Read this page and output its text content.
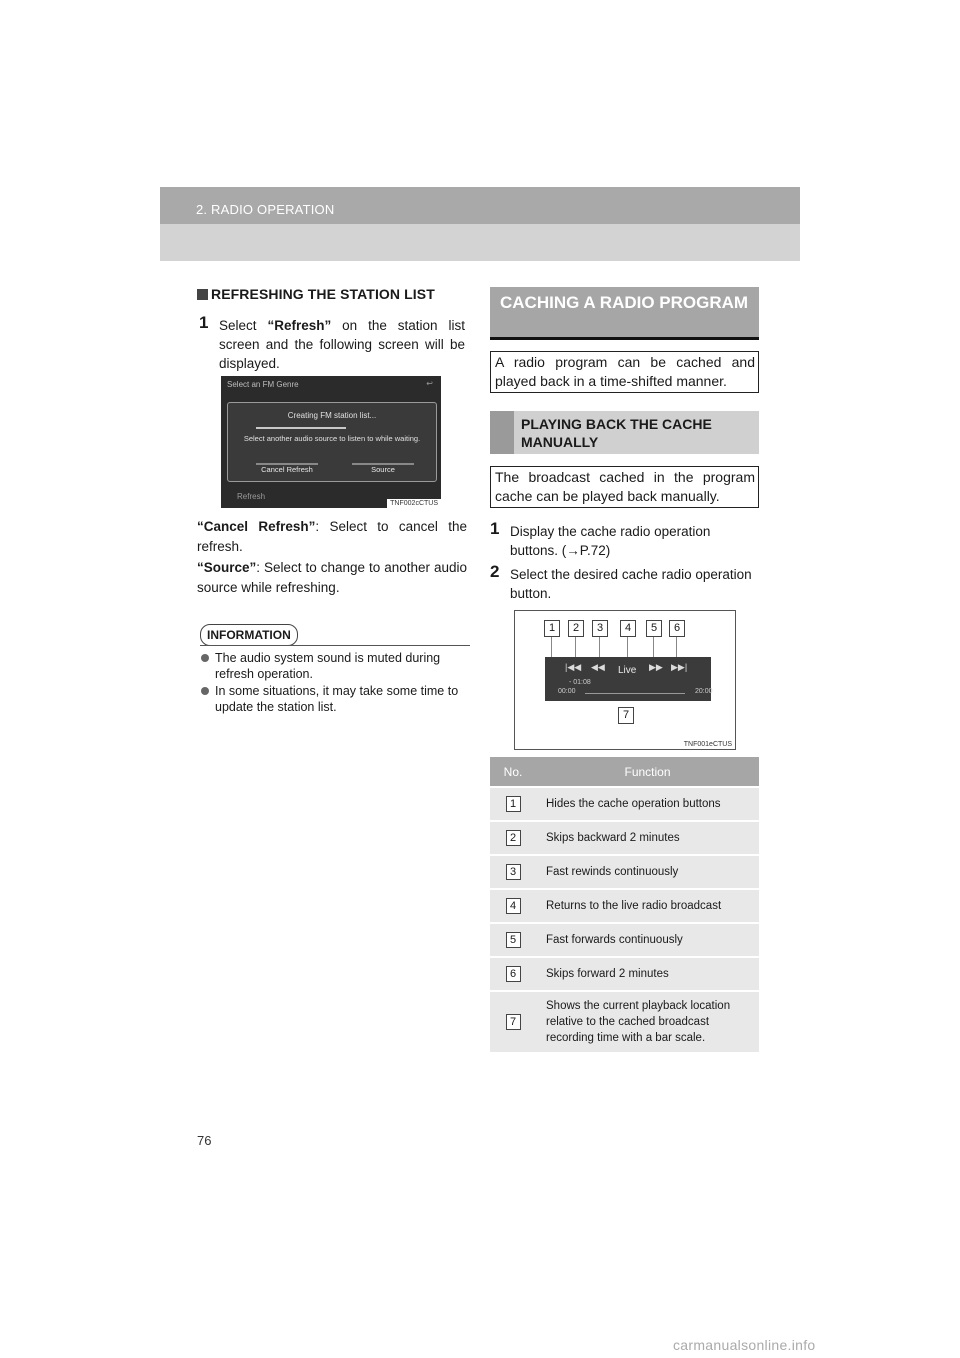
2. RADIO OPERATION
REFRESHING THE STATION LIST
1 Select “Refresh” on the station list screen and the following screen will be displayed.
Select an FM Genre	↩
Creating FM station list...
Select another audio source to listen to while waiting.
Cancel Refresh	Source
Refresh
TNF002cCTUS
“Cancel Refresh”: Select to cancel the refresh.
“Source”: Select to change to another audio source while refreshing.
INFORMATION
The audio system sound is muted during refresh operation.
In some situations, it may take some time to update the station list.
CACHING A RADIO PROGRAM
A radio program can be cached and played back in a time-shifted manner.
PLAYING BACK THE CACHE MANUALLY
The broadcast cached in the program cache can be played back manually.
1 Display the cache radio operation buttons. (→P.72)
2 Select the desired cache radio operation button.
1	2	3	4	5	6
|◀◀ ◀◀ Live ▶▶ ▶▶|
- 01:08
00:00	20:00
7
TNF001eCTUS
No.	Function
1	Hides the cache operation buttons
2	Skips backward 2 minutes
3	Fast rewinds continuously
4	Returns to the live radio broadcast
5	Fast forwards continuously
6	Skips forward 2 minutes
7	Shows the current playback location relative to the cached broadcast recording time with a bar scale.
76
carmanualsonline.info
